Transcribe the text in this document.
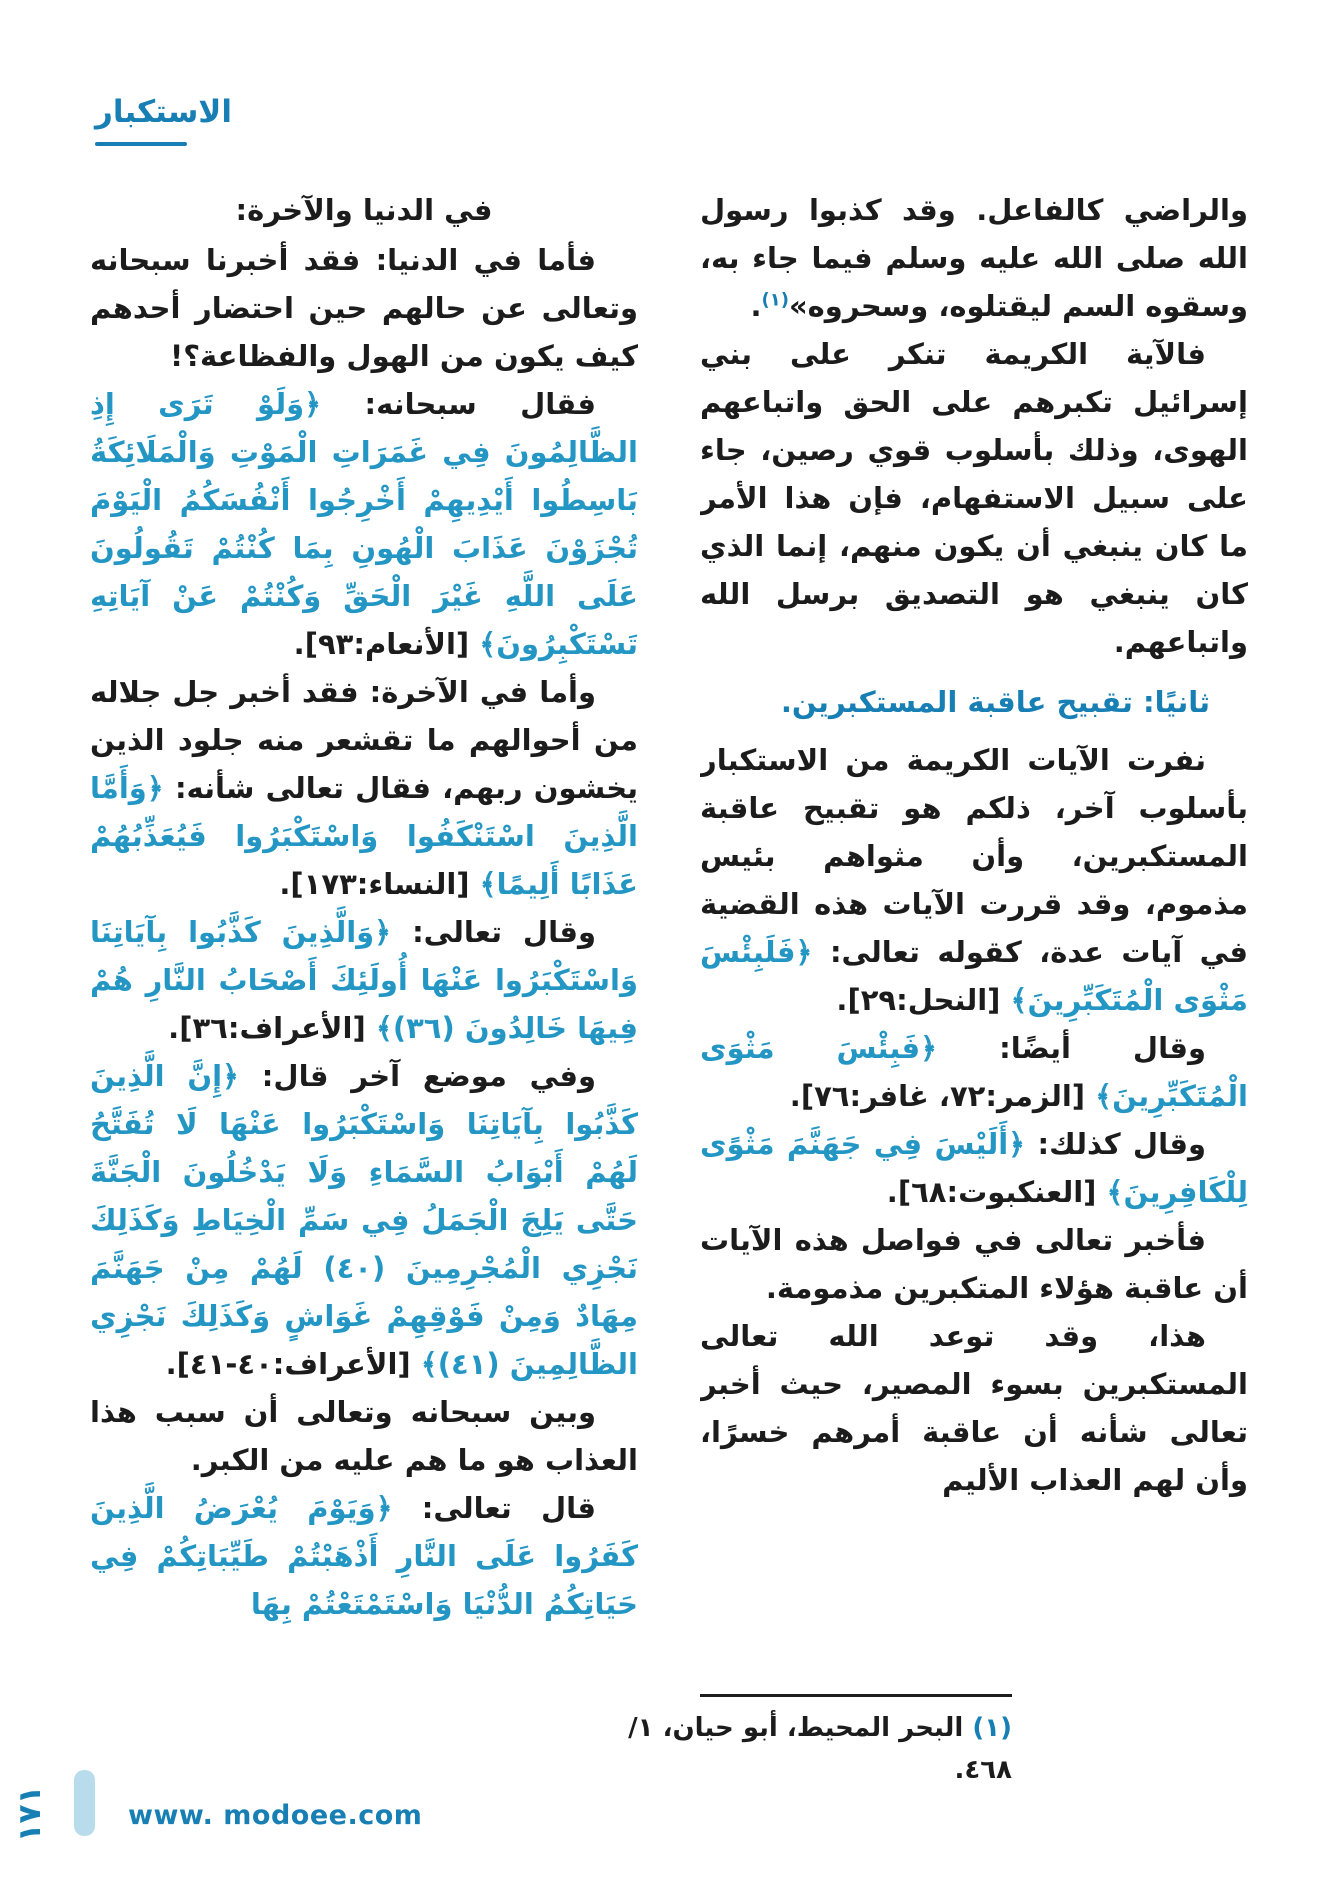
الاستكبار

والراضي كالفاعل. وقد كذبوا رسول الله صلى الله عليه وسلم فيما جاء به، وسقوه السم ليقتلوه، وسحروه»$^{(١)}$.

فالآية الكريمة تنكر على بني إسرائيل تكبرهم على الحق واتباعهم الهوى، وذلك بأسلوب قوي رصين، جاء على سبيل الاستفهام، فإن هذا الأمر ما كان ينبغي أن يكون منهم، إنما الذي كان ينبغي هو التصديق برسل الله واتباعهم.

ثانيًا: تقبيح عاقبة المستكبرين.

نفرت الآيات الكريمة من الاستكبار بأسلوب آخر، ذلكم هو تقبيح عاقبة المستكبرين، وأن مثواهم بئيس مذموم، وقد قررت الآيات هذه القضية في آيات عدة، كقوله تعالى: ﴿فَلَبِئْسَ مَثْوَى الْمُتَكَبِّرِينَ﴾ [النحل:٢٩].

وقال أيضًا: ﴿فَبِئْسَ مَثْوَى الْمُتَكَبِّرِينَ﴾ [الزمر:٧٢، غافر:٧٦].

وقال كذلك: ﴿أَلَيْسَ فِي جَهَنَّمَ مَثْوًى لِلْكَافِرِينَ﴾ [العنكبوت:٦٨].

فأخبر تعالى في فواصل هذه الآيات أن عاقبة هؤلاء المتكبرين مذمومة.

هذا، وقد توعد الله تعالى المستكبرين بسوء المصير، حيث أخبر تعالى شأنه أن عاقبة أمرهم خسرًا، وأن لهم العذاب الأليم

في الدنيا والآخرة:

فأما في الدنيا: فقد أخبرنا سبحانه وتعالى عن حالهم حين احتضار أحدهم كيف يكون من الهول والفظاعة؟!

فقال سبحانه: ﴿وَلَوْ تَرَى إِذِ الظَّالِمُونَ فِي غَمَرَاتِ الْمَوْتِ وَالْمَلَائِكَةُ بَاسِطُوا أَيْدِيهِمْ أَخْرِجُوا أَنْفُسَكُمُ الْيَوْمَ تُجْزَوْنَ عَذَابَ الْهُونِ بِمَا كُنْتُمْ تَقُولُونَ عَلَى اللَّهِ غَيْرَ الْحَقِّ وَكُنْتُمْ عَنْ آيَاتِهِ تَسْتَكْبِرُونَ﴾ [الأنعام:٩٣].

وأما في الآخرة: فقد أخبر جل جلاله من أحوالهم ما تقشعر منه جلود الذين يخشون ربهم، فقال تعالى شأنه: ﴿وَأَمَّا الَّذِينَ اسْتَنْكَفُوا وَاسْتَكْبَرُوا فَيُعَذِّبُهُمْ عَذَابًا أَلِيمًا﴾ [النساء:١٧٣].

وقال تعالى: ﴿وَالَّذِينَ كَذَّبُوا بِآيَاتِنَا وَاسْتَكْبَرُوا عَنْهَا أُولَئِكَ أَصْحَابُ النَّارِ هُمْ فِيهَا خَالِدُونَ (٣٦)﴾ [الأعراف:٣٦].

وفي موضع آخر قال: ﴿إِنَّ الَّذِينَ كَذَّبُوا بِآيَاتِنَا وَاسْتَكْبَرُوا عَنْهَا لَا تُفَتَّحُ لَهُمْ أَبْوَابُ السَّمَاءِ وَلَا يَدْخُلُونَ الْجَنَّةَ حَتَّى يَلِجَ الْجَمَلُ فِي سَمِّ الْخِيَاطِ وَكَذَلِكَ نَجْزِي الْمُجْرِمِينَ (٤٠) لَهُمْ مِنْ جَهَنَّمَ مِهَادٌ وَمِنْ فَوْقِهِمْ غَوَاشٍ وَكَذَلِكَ نَجْزِي الظَّالِمِينَ (٤١)﴾ [الأعراف:٤٠-٤١].

وبين سبحانه وتعالى أن سبب هذا العذاب هو ما هم عليه من الكبر.

قال تعالى: ﴿وَيَوْمَ يُعْرَضُ الَّذِينَ كَفَرُوا عَلَى النَّارِ أَذْهَبْتُمْ طَيِّبَاتِكُمْ فِي حَيَاتِكُمُ الدُّنْيَا وَاسْتَمْتَعْتُمْ بِهَا

(١) البحر المحيط، أبو حيان، ١/ ٤٦٨.

١٧١	www. modoee.com
